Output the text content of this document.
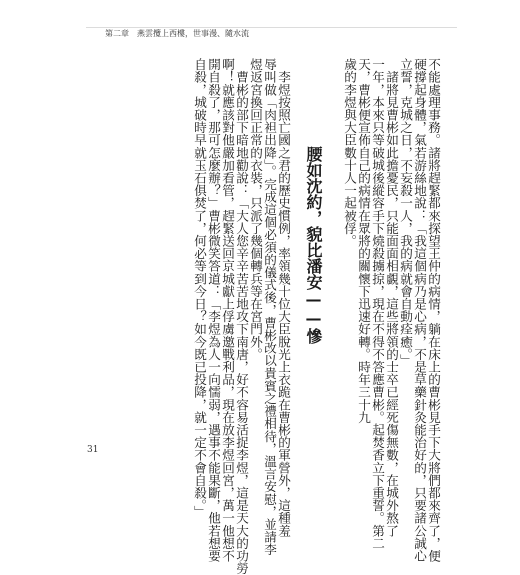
第二章　燕雲攬上西樓，世事漫、隨水流
不能處理事務。諸將趕緊都來探望王仲的病情，躺在床上的曹彬見手下大將們都來齊了，便
硬撐起身體，氣若游絲地說：「我這個病乃是心病，不是草藥針灸能治好的，只要諸公誠心
立誓，克城之日，不妄殺一人，我的病就會自動痊癒。」
　諸將見曹彬如此擔憂民，只能面面相覷，這些將領的士卒已經死傷無數，在城外熬了
一年，本來只等破城後縱容手下燒殺擄掠，現在不得不答應曹彬。起焚香立下重誓。第二
天，曹彬便宣佈自己的病情在眾將的關懷下迅速好轉。時年三十九
歲的李煜與大臣數十人一起被俘。
腰如沈約，貌比潘安——慘
　李煜按照亡國之君的歷史慣例，率領幾十位大臣脫光上衣跪在曹彬的軍營外，這種羞
辱叫做「肉袒出降」。完成這個必須的儀式後，曹彬改以貴賓之禮相待，溫言安慰，並請李
煜返宮換回正常的衣裝，只派了幾個轉兵等在宮門外。
　曹彬的部下暗地勸說：「大人您辛辛苦苦地攻下南唐，好不容易活捉李煜，這是天大的功勞
啊！就應該對他嚴加看管，趕緊送回京城獻上俘虜邀戰利品，現在放李煜回宮，萬一他想不
開自殺了，那可怎麼辦？」曹彬微笑答道：「李煜為人一向懦弱，遇事不能果斷，他若想要
自殺，城破時早就玉石俱焚了，何必等到今日？如今既已投降，就一定不會自殺。」
31
